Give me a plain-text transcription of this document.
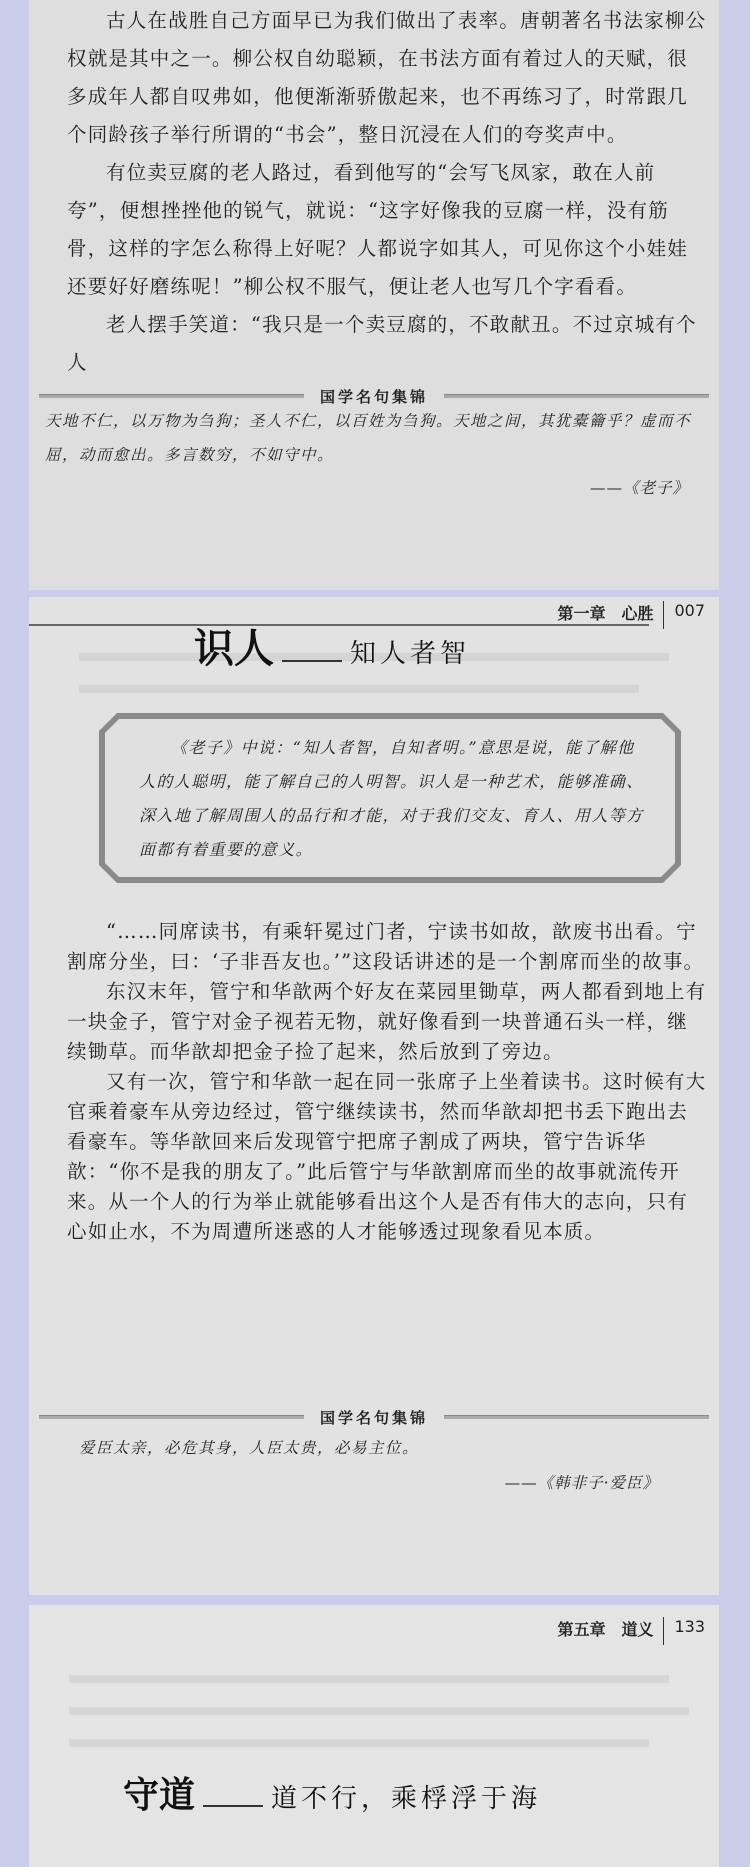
古人在战胜自己方面早已为我们做出了表率。唐朝著名书法家柳公权就是其中之一。柳公权自幼聪颖，在书法方面有着过人的天赋，很多成年人都自叹弗如，他便渐渐骄傲起来，也不再练习了，时常跟几个同龄孩子举行所谓的“书会”，整日沉浸在人们的夸奖声中。

有位卖豆腐的老人路过，看到他写的“会写飞凤家，敢在人前夸”，便想挫挫他的锐气，就说：“这字好像我的豆腐一样，没有筋骨，这样的字怎么称得上好呢？人都说字如其人，可见你这个小娃娃还要好好磨练呢！”柳公权不服气，便让老人也写几个字看看。

老人摆手笑道：“我只是一个卖豆腐的，不敢献丑。不过京城有个人

国学名句集锦
天地不仁，以万物为刍狗；圣人不仁，以百姓为刍狗。天地之间，其犹橐籥乎？虚而不屈，动而愈出。多言数穷，不如守中。
——《老子》
第一章　心胜 007
识人	知人者智

《老子》中说：“知人者智，自知者明。”意思是说，能了解他人的人聪明，能了解自己的人明智。识人是一种艺术，能够准确、深入地了解周围人的品行和才能，对于我们交友、育人、用人等方面都有着重要的意义。

“……同席读书，有乘轩冕过门者，宁读书如故，歆废书出看。宁割席分坐，曰：‘子非吾友也。’”这段话讲述的是一个割席而坐的故事。

东汉末年，管宁和华歆两个好友在菜园里锄草，两人都看到地上有一块金子，管宁对金子视若无物，就好像看到一块普通石头一样，继续锄草。而华歆却把金子捡了起来，然后放到了旁边。

又有一次，管宁和华歆一起在同一张席子上坐着读书。这时候有大官乘着豪车从旁边经过，管宁继续读书，然而华歆却把书丢下跑出去看豪车。等华歆回来后发现管宁把席子割成了两块，管宁告诉华歆：“你不是我的朋友了。”此后管宁与华歆割席而坐的故事就流传开来。从一个人的行为举止就能够看出这个人是否有伟大的志向，只有心如止水，不为周遭所迷惑的人才能够透过现象看见本质。

国学名句集锦
爱臣太亲，必危其身，人臣太贵，必易主位。
——《韩非子·爱臣》
第五章　道义 133
守道	道不行，乘桴浮于海
